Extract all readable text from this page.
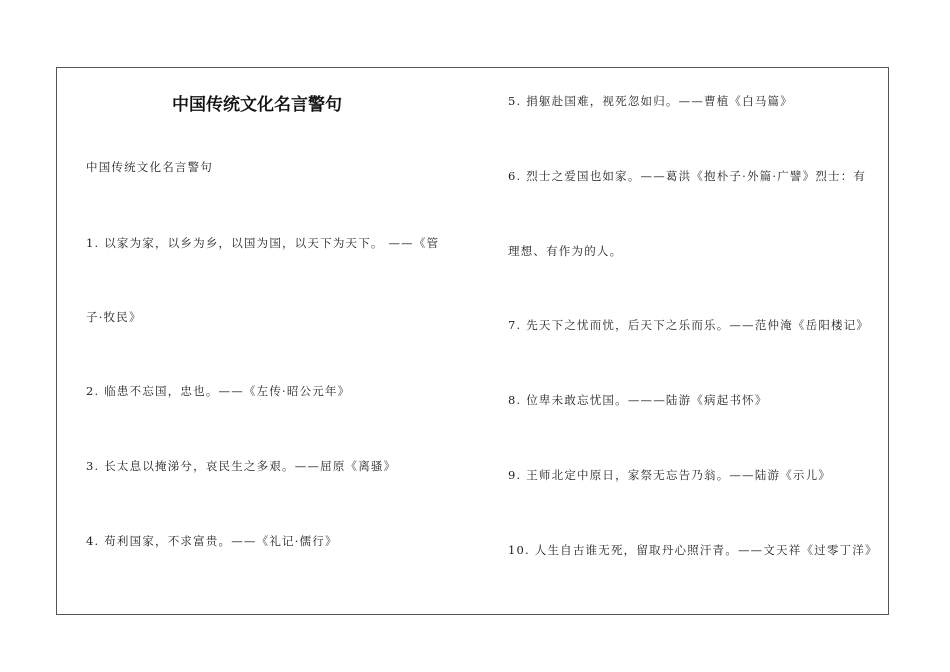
中国传统文化名言警句
中国传统文化名言警句
1. 以家为家，以乡为乡，以国为国，以天下为天下。 ——《管
子·牧民》
2. 临患不忘国，忠也。——《左传·昭公元年》
3. 长太息以掩涕兮，哀民生之多艰。——屈原《离骚》
4. 苟利国家，不求富贵。——《礼记·儒行》
5. 捐躯赴国难，视死忽如归。——曹植《白马篇》
6. 烈士之爱国也如家。——葛洪《抱朴子·外篇·广譬》烈士：有
理想、有作为的人。
7. 先天下之忧而忧，后天下之乐而乐。——范仲淹《岳阳楼记》
8. 位卑未敢忘忧国。———陆游《病起书怀》
9. 王师北定中原日，家祭无忘告乃翁。——陆游《示儿》
10. 人生自古谁无死，留取丹心照汗青。——文天祥《过零丁洋》
